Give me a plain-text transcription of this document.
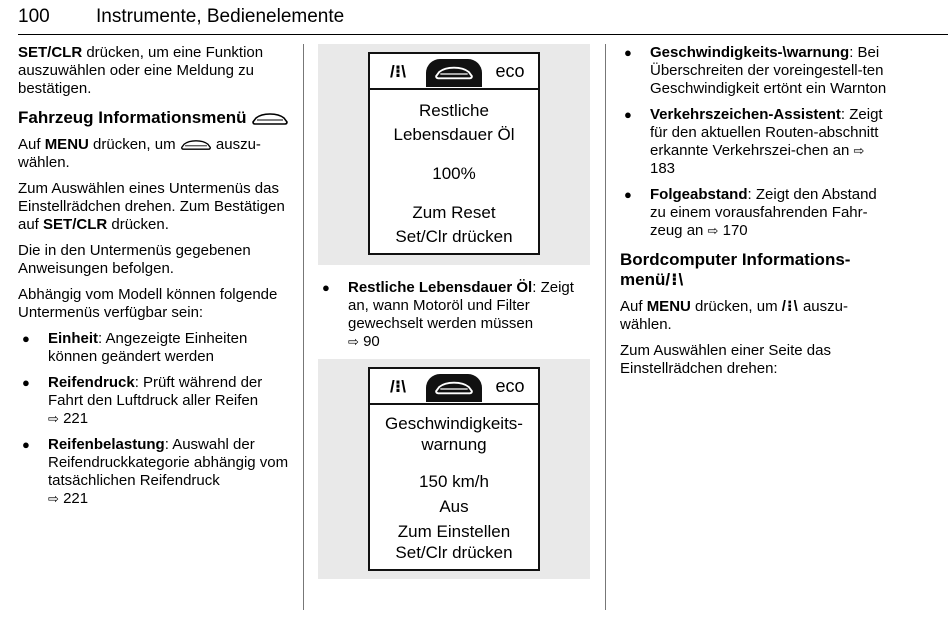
100 Instrumente, Bedienelemente

SET/CLR drücken, um eine Funktion auszuwählen oder eine Meldung zu bestätigen.

Fahrzeug Informationsmenü

Auf MENU drücken, um  auszu-wählen.

Zum Auswählen eines Untermenüs das Einstellrädchen drehen. Zum Bestätigen auf SET/CLR drücken.

Die in den Untermenüs gegebenen Anweisungen befolgen.

Abhängig vom Modell können folgende Untermenüs verfügbar sein:

● Einheit: Angezeigte Einheiten können geändert werden
● Reifendruck: Prüft während der Fahrt den Luftdruck aller Reifen
⇨ 221
● Reifenbelastung: Auswahl der Reifendruckkategorie abhängig vom tatsächlichen Reifendruck
⇨ 221
/⁝\	eco
Restliche
Lebensdauer Öl
100%
Zum Reset
Set/Clr drücken
● Restliche Lebensdauer Öl: Zeigt an, wann Motoröl und Filter gewechselt werden müssen
⇨ 90
/⁝\	eco
Geschwindigkeits-
warnung
150 km/h
Aus
Zum Einstellen
Set/Clr drücken
● Geschwindigkeits-\warnung: Bei Überschreiten der voreingestell-ten Geschwindigkeit ertönt ein Warnton
● Verkehrszeichen-Assistent: Zeigt für den aktuellen Routen-abschnitt erkannte Verkehrszei-chen an ⇨ 183
● Folgeabstand: Zeigt den Abstand zu einem vorausfahrenden Fahr-zeug an ⇨ 170
Bordcomputer Informations-menü/⁝\

Auf MENU drücken, um /⁝\ auszu-wählen.

Zum Auswählen einer Seite das Einstellrädchen drehen:
